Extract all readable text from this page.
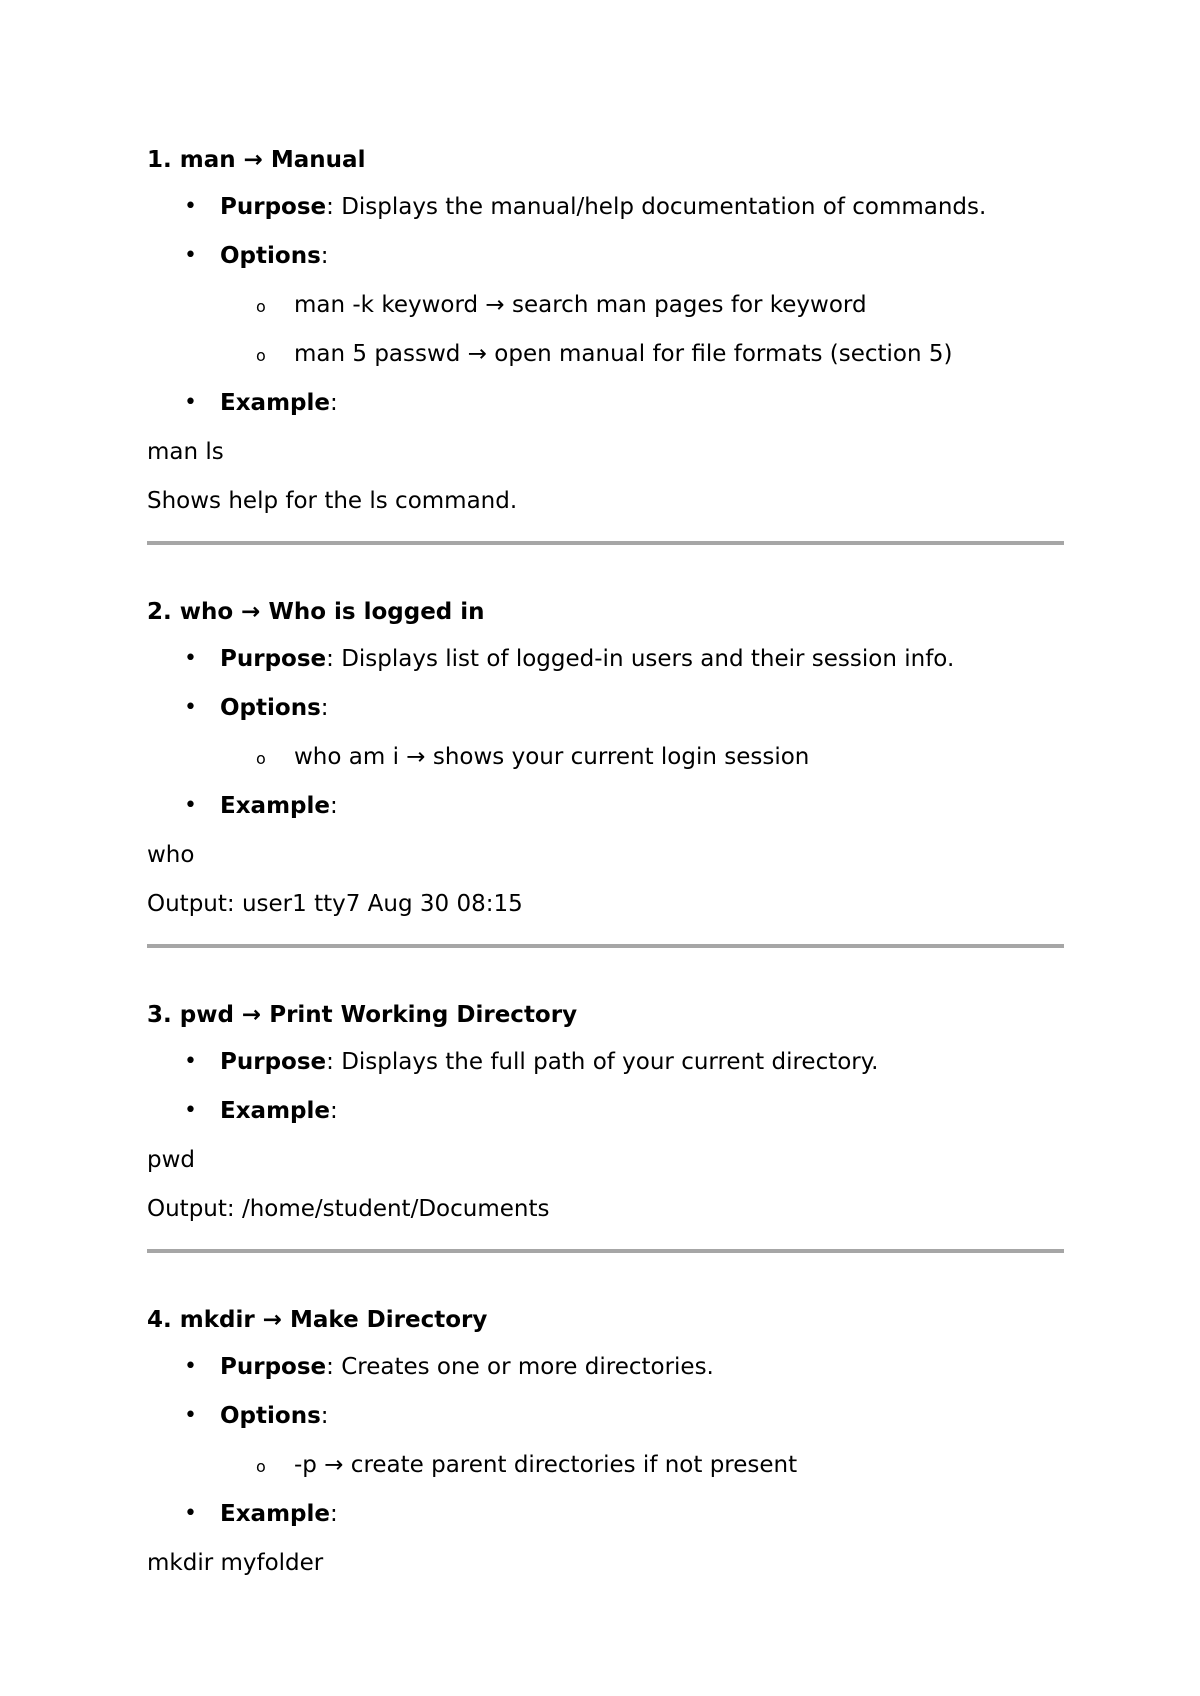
1. man → Manual
• Purpose: Displays the manual/help documentation of commands.
• Options:
o man -k keyword → search man pages for keyword
o man 5 passwd → open manual for file formats (section 5)
• Example:
man ls
Shows help for the ls command.
2. who → Who is logged in
• Purpose: Displays list of logged-in users and their session info.
• Options:
o who am i → shows your current login session
• Example:
who
Output: user1 tty7 Aug 30 08:15
3. pwd → Print Working Directory
• Purpose: Displays the full path of your current directory.
• Example:
pwd
Output: /home/student/Documents
4. mkdir → Make Directory
• Purpose: Creates one or more directories.
• Options:
o -p → create parent directories if not present
• Example:
mkdir myfolder
